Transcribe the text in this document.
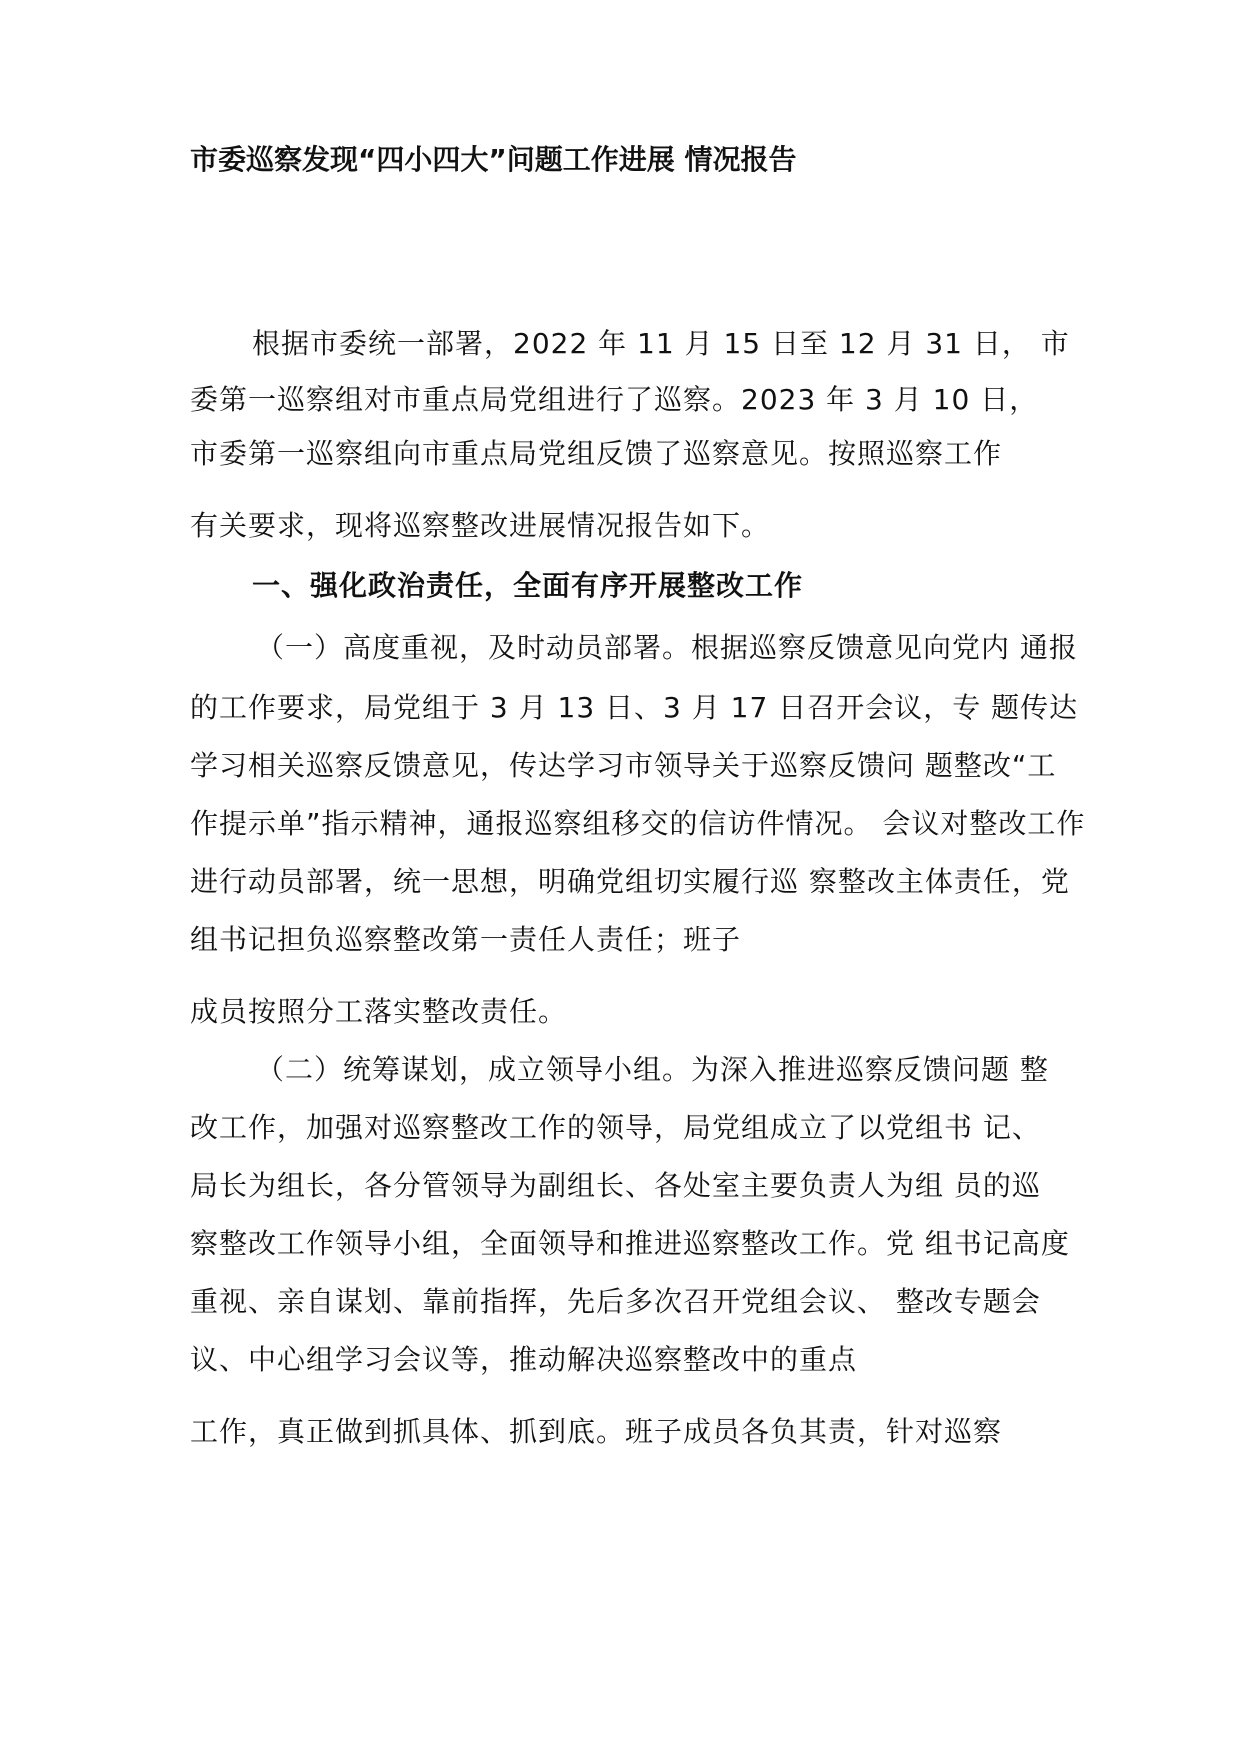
市委巡察发现“四小四大”问题工作进展 情况报告
根据市委统一部署，2022 年 11 月 15 日至 12 月 31 日， 市
委第一巡察组对市重点局党组进行了巡察。2023 年 3 月 10 日，
市委第一巡察组向市重点局党组反馈了巡察意见。按照巡察工作
有关要求，现将巡察整改进展情况报告如下。
一、强化政治责任，全面有序开展整改工作
（一）高度重视，及时动员部署。根据巡察反馈意见向党内 通报
的工作要求，局党组于 3 月 13 日、3 月 17 日召开会议，专 题传达
学习相关巡察反馈意见，传达学习市领导关于巡察反馈问 题整改“工
作提示单”指示精神，通报巡察组移交的信访件情况。 会议对整改工作
进行动员部署，统一思想，明确党组切实履行巡 察整改主体责任，党
组书记担负巡察整改第一责任人责任；班子
成员按照分工落实整改责任。
（二）统筹谋划，成立领导小组。为深入推进巡察反馈问题 整
改工作，加强对巡察整改工作的领导，局党组成立了以党组书 记、
局长为组长，各分管领导为副组长、各处室主要负责人为组 员的巡
察整改工作领导小组，全面领导和推进巡察整改工作。党 组书记高度
重视、亲自谋划、靠前指挥，先后多次召开党组会议、 整改专题会
议、中心组学习会议等，推动解决巡察整改中的重点
工作，真正做到抓具体、抓到底。班子成员各负其责，针对巡察
